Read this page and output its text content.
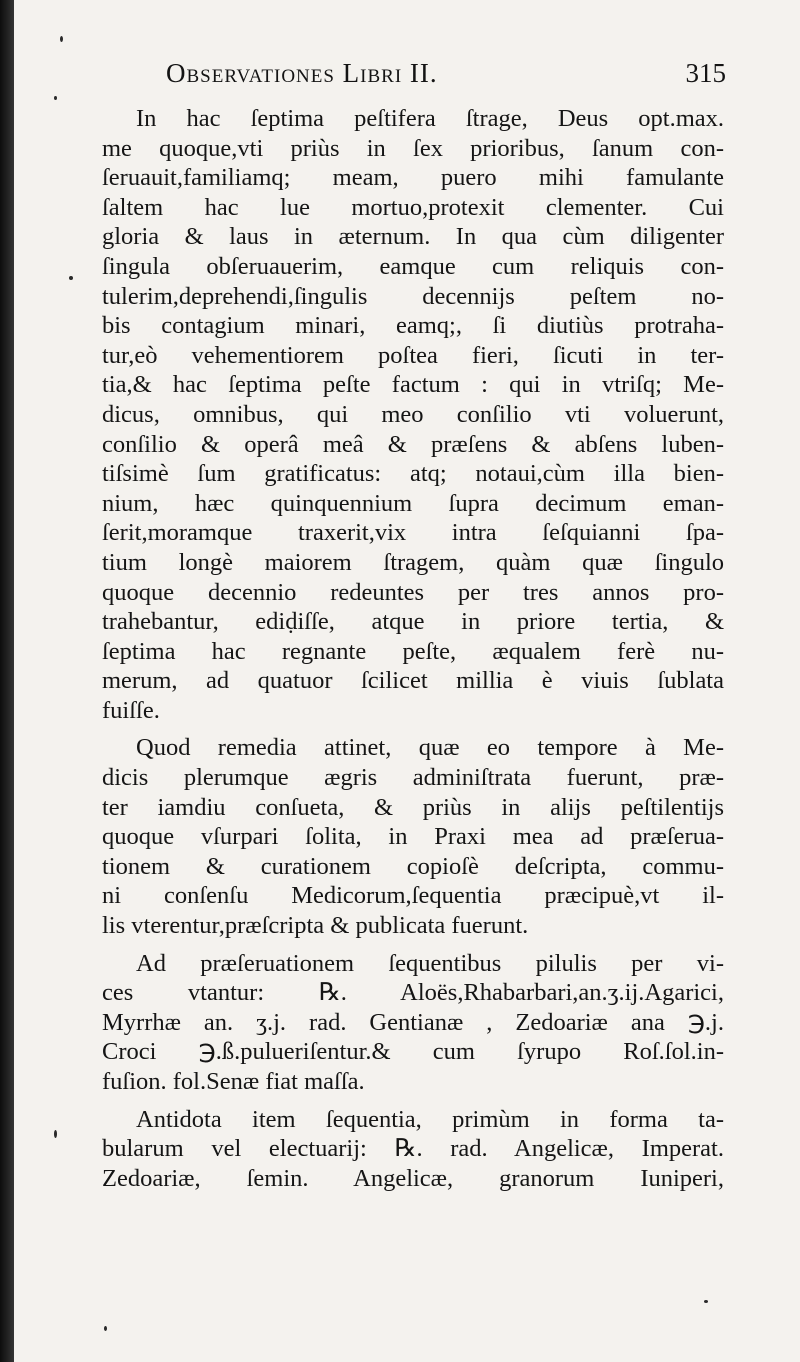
Observationes Libri II.	315

In hac ſeptima peſtifera ſtrage, Deus opt.max.
me quoque,vti priùs in ſex prioribus, ſanum con-
ſeruauit,familiamq; meam, puero mihi famulante
ſaltem hac lue mortuo,protexit clementer. Cui
gloria & laus in æternum. In qua cùm diligenter
ſingula obſeruauerim, eamque cum reliquis con-
tulerim,deprehendi,ſingulis decennijs peſtem no-
bis contagium minari, eamq;, ſi diutiùs protraha-
tur,eò vehementiorem poſtea fieri, ſicuti in ter-
tia,& hac ſeptima peſte factum : qui in vtriſq; Me-
dicus, omnibus, qui meo conſilio vti voluerunt,
conſilio & operâ meâ & præſens & abſens luben-
tiſsimè ſum gratificatus: atq; notaui,cùm illa bien-
nium, hæc quinquennium ſupra decimum eman-
ſerit,moramque traxerit,vix intra ſeſquianni ſpa-
tium longè maiorem ſtragem, quàm quæ ſingulo
quoque decennio redeuntes per tres annos pro-
trahebantur, ediḍiſſe, atque in priore tertia, &
ſeptima hac regnante peſte, æqualem ferè nu-
merum, ad quatuor ſcilicet millia è viuis ſublata
fuiſſe.

Quod remedia attinet, quæ eo tempore à Me-
dicis plerumque ægris adminiſtrata fuerunt, præ-
ter iamdiu conſueta, & priùs in alijs peſtilentijs
quoque vſurpari ſolita, in Praxi mea ad præſerua-
tionem & curationem copioſè deſcripta, commu-
ni conſenſu Medicorum,ſequentia præcipuè,vt il-
lis vterentur,præſcripta & publicata fuerunt.

Ad præſeruationem ſequentibus pilulis per vi-
ces vtantur: ℞. Aloës,Rhabarbari,an.ʒ.ij.Agarici,
Myrrhæ an. ʒ.j. rad. Gentianæ , Zedoariæ ana ℈.j.
Croci ℈.ß.pulueriſentur.& cum ſyrupo Roſ.ſol.in-
fuſion. fol.Senæ fiat maſſa.

Antidota item ſequentia, primùm in forma ta-
bularum vel electuarij: ℞. rad. Angelicæ, Imperat.
Zedoariæ, ſemin. Angelicæ, granorum Iuniperi,
